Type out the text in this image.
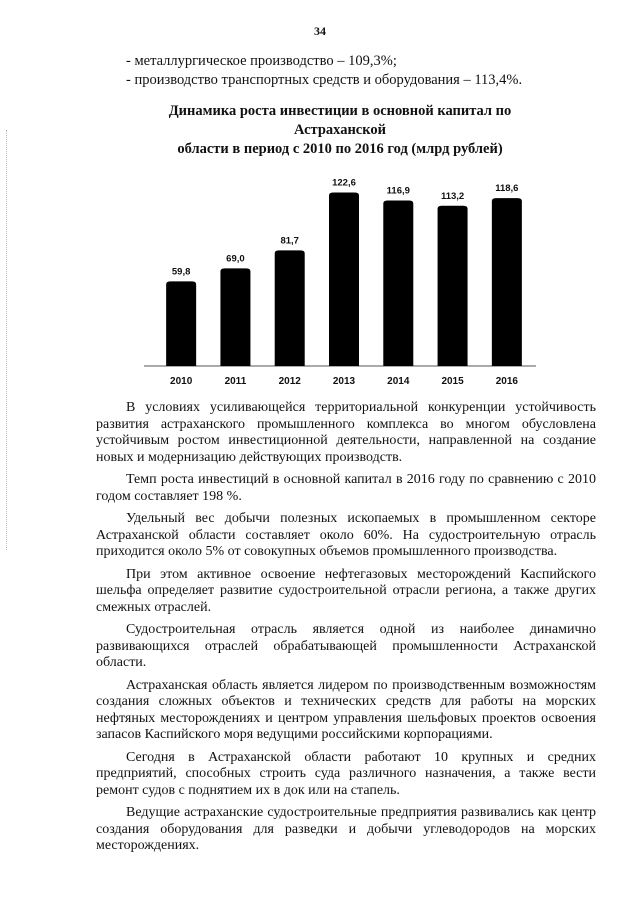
34
- металлургическое производство – 109,3%;
- производство транспортных средств и оборудования – 113,4%.
Динамика роста инвестиции в основной капитал по Астраханской
области в период с 2010 по 2016 год (млрд рублей)
59,8
2010
69,0
2011
81,7
2012
122,6
2013
116,9
2014
113,2
2015
118,6
2016

В условиях усиливающейся территориальной конкуренции устойчивость развития астраханского промышленного комплекса во многом обусловлена устойчивым ростом инвестиционной деятельности, направленной на создание новых и модернизацию действующих производств.

Темп роста инвестиций в основной капитал в 2016 году по сравнению с 2010 годом составляет 198 %.

Удельный вес добычи полезных ископаемых в промышленном секторе Астраханской области составляет около 60%. На судостроительную отрасль приходится около 5% от совокупных объемов промышленного производства.

При этом активное освоение нефтегазовых месторождений Каспийского шельфа определяет развитие судостроительной отрасли региона, а также других смежных отраслей.

Судостроительная отрасль является одной из наиболее динамично развивающихся отраслей обрабатывающей промышленности Астраханской области.

Астраханская область является лидером по производственным возможностям создания сложных объектов и технических средств для работы на морских нефтяных месторождениях и центром управления шельфовых проектов освоения запасов Каспийского моря ведущими российскими корпорациями.

Сегодня в Астраханской области работают 10 крупных и средних предприятий, способных строить суда различного назначения, а также вести ремонт судов с поднятием их в док или на стапель.

Ведущие астраханские судостроительные предприятия развивались как центр создания оборудования для разведки и добычи углеводородов на морских месторождениях.
